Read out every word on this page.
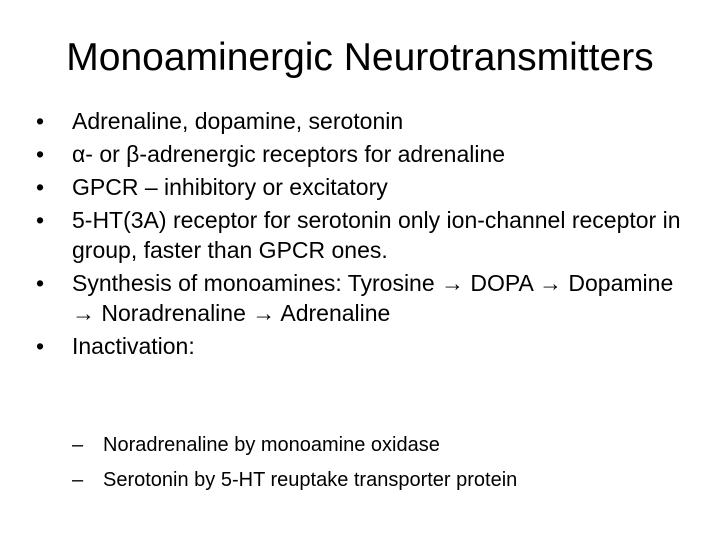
Monoaminergic Neurotransmitters
•	Adrenaline, dopamine, serotonin
•	α- or β-adrenergic receptors for adrenaline
•	GPCR – inhibitory or excitatory
•	5-HT(3A) receptor for serotonin only ion-channel receptor in group, faster than GPCR ones.
•	Synthesis of monoamines: Tyrosine → DOPA → Dopamine → Noradrenaline → Adrenaline
•	Inactivation:
– Noradrenaline by monoamine oxidase
– Serotonin by 5-HT reuptake transporter protein
